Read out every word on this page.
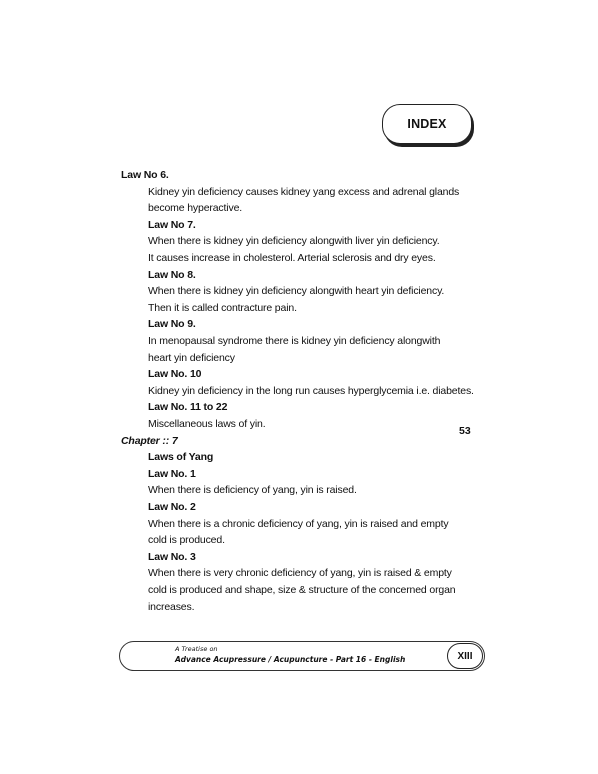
INDEX
Law No 6.
Kidney yin deficiency causes kidney yang excess and adrenal glands
become hyperactive.
Law No 7.
When there is kidney yin deficiency alongwith liver yin deficiency.
It causes increase in cholesterol. Arterial sclerosis and dry eyes.
Law No 8.
When there is kidney yin deficiency alongwith heart yin deficiency.
Then it is called contracture pain.
Law No 9.
In menopausal syndrome there is kidney yin deficiency alongwith
heart yin deficiency
Law No. 10
Kidney yin deficiency in the long run causes hyperglycemia i.e. diabetes.
Law No. 11 to 22
Miscellaneous laws of yin.
Chapter :: 7
Laws of Yang
Law No. 1
When there is deficiency of yang, yin is raised.
Law No. 2
When there is a chronic deficiency of yang, yin is raised and empty
cold is produced.
Law No. 3
When there is very chronic deficiency of yang, yin is raised & empty
cold is produced and shape, size & structure of the concerned organ
increases.
53
A Treatise on
Advance Acupressure / Acupuncture - Part 16 - English	XIII
